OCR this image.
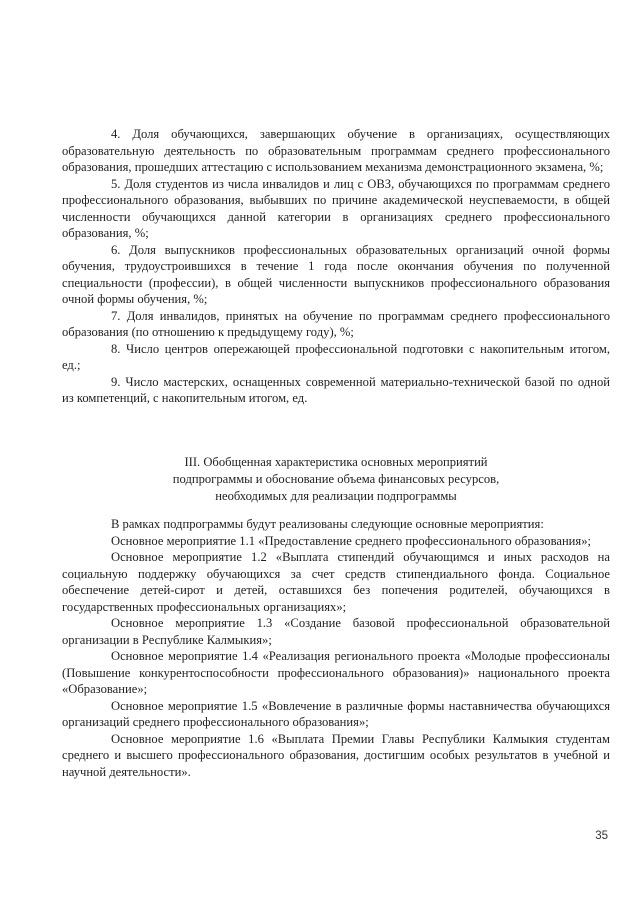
4. Доля обучающихся, завершающих обучение в организациях, осуществляющих образовательную деятельность по образовательным программам среднего профессионального образования, прошедших аттестацию с использованием механизма демонстрационного экзамена, %;

5. Доля студентов из числа инвалидов и лиц с ОВЗ, обучающихся по программам среднего профессионального образования, выбывших по причине академической неуспеваемости, в общей численности обучающихся данной категории в организациях среднего профессионального образования, %;

6. Доля выпускников профессиональных образовательных организаций очной формы обучения, трудоустроившихся в течение 1 года после окончания обучения по полученной специальности (профессии), в общей численности выпускников профессионального образования очной формы обучения, %;

7. Доля инвалидов, принятых на обучение по программам среднего профессионального образования (по отношению к предыдущему году), %;

8. Число центров опережающей профессиональной подготовки с накопительным итогом, ед.;

9. Число мастерских, оснащенных современной материально-технической базой по одной из компетенций, с накопительным итогом, ед.

III. Обобщенная характеристика основных мероприятий
подпрограммы и обоснование объема финансовых ресурсов,
необходимых для реализации подпрограммы

В рамках подпрограммы будут реализованы следующие основные мероприятия:

Основное мероприятие 1.1 «Предоставление среднего профессионального образования»;

Основное мероприятие 1.2 «Выплата стипендий обучающимся и иных расходов на социальную поддержку обучающихся за счет средств стипендиального фонда. Социальное обеспечение детей-сирот и детей, оставшихся без попечения родителей, обучающихся в государственных профессиональных организациях»;

Основное мероприятие 1.3 «Создание базовой профессиональной образовательной организации в Республике Калмыкия»;

Основное мероприятие 1.4 «Реализация регионального проекта «Молодые профессионалы (Повышение конкурентоспособности профессионального образования)» национального проекта «Образование»;

Основное мероприятие 1.5 «Вовлечение в различные формы наставничества обучающихся организаций среднего профессионального образования»;

Основное мероприятие 1.6 «Выплата Премии Главы Республики Калмыкия студентам среднего и высшего профессионального образования, достигшим особых результатов в учебной и научной деятельности».

35
